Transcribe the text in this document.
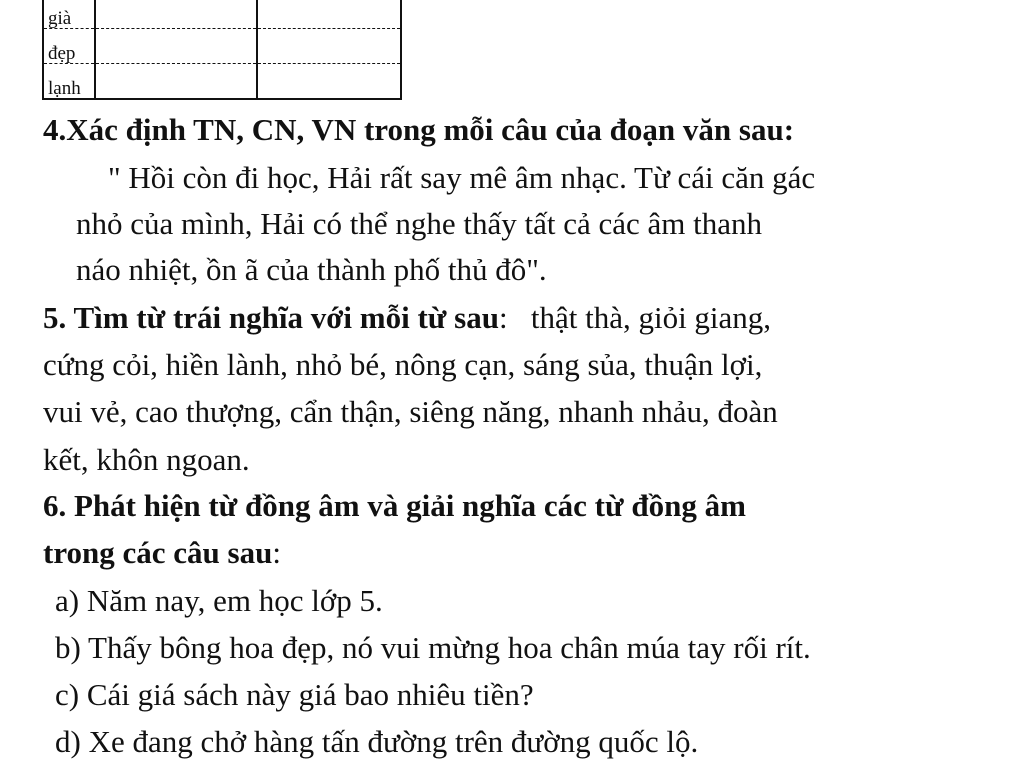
già		
đẹp		
lạnh		
4.Xác định TN, CN, VN trong mỗi câu của đoạn văn sau:
" Hồi còn đi học, Hải rất say mê âm nhạc. Từ cái căn gác
nhỏ của mình, Hải có thể nghe thấy tất cả các âm thanh
náo nhiệt, ồn ã của thành phố thủ đô".
5. Tìm từ trái nghĩa với mỗi từ sau:   thật thà, giỏi giang,
cứng cỏi, hiền lành, nhỏ bé, nông cạn, sáng sủa, thuận lợi,
vui vẻ, cao thượng, cẩn thận, siêng năng, nhanh nhảu, đoàn
kết, khôn ngoan.
6. Phát hiện từ đồng âm và giải nghĩa các từ đồng âm
trong các câu sau:
a) Năm nay, em học lớp 5.
b) Thấy bông hoa đẹp, nó vui mừng hoa chân múa tay rối rít.
c) Cái giá sách này giá bao nhiêu tiền?
d) Xe đang chở hàng tấn đường trên đường quốc lộ.
